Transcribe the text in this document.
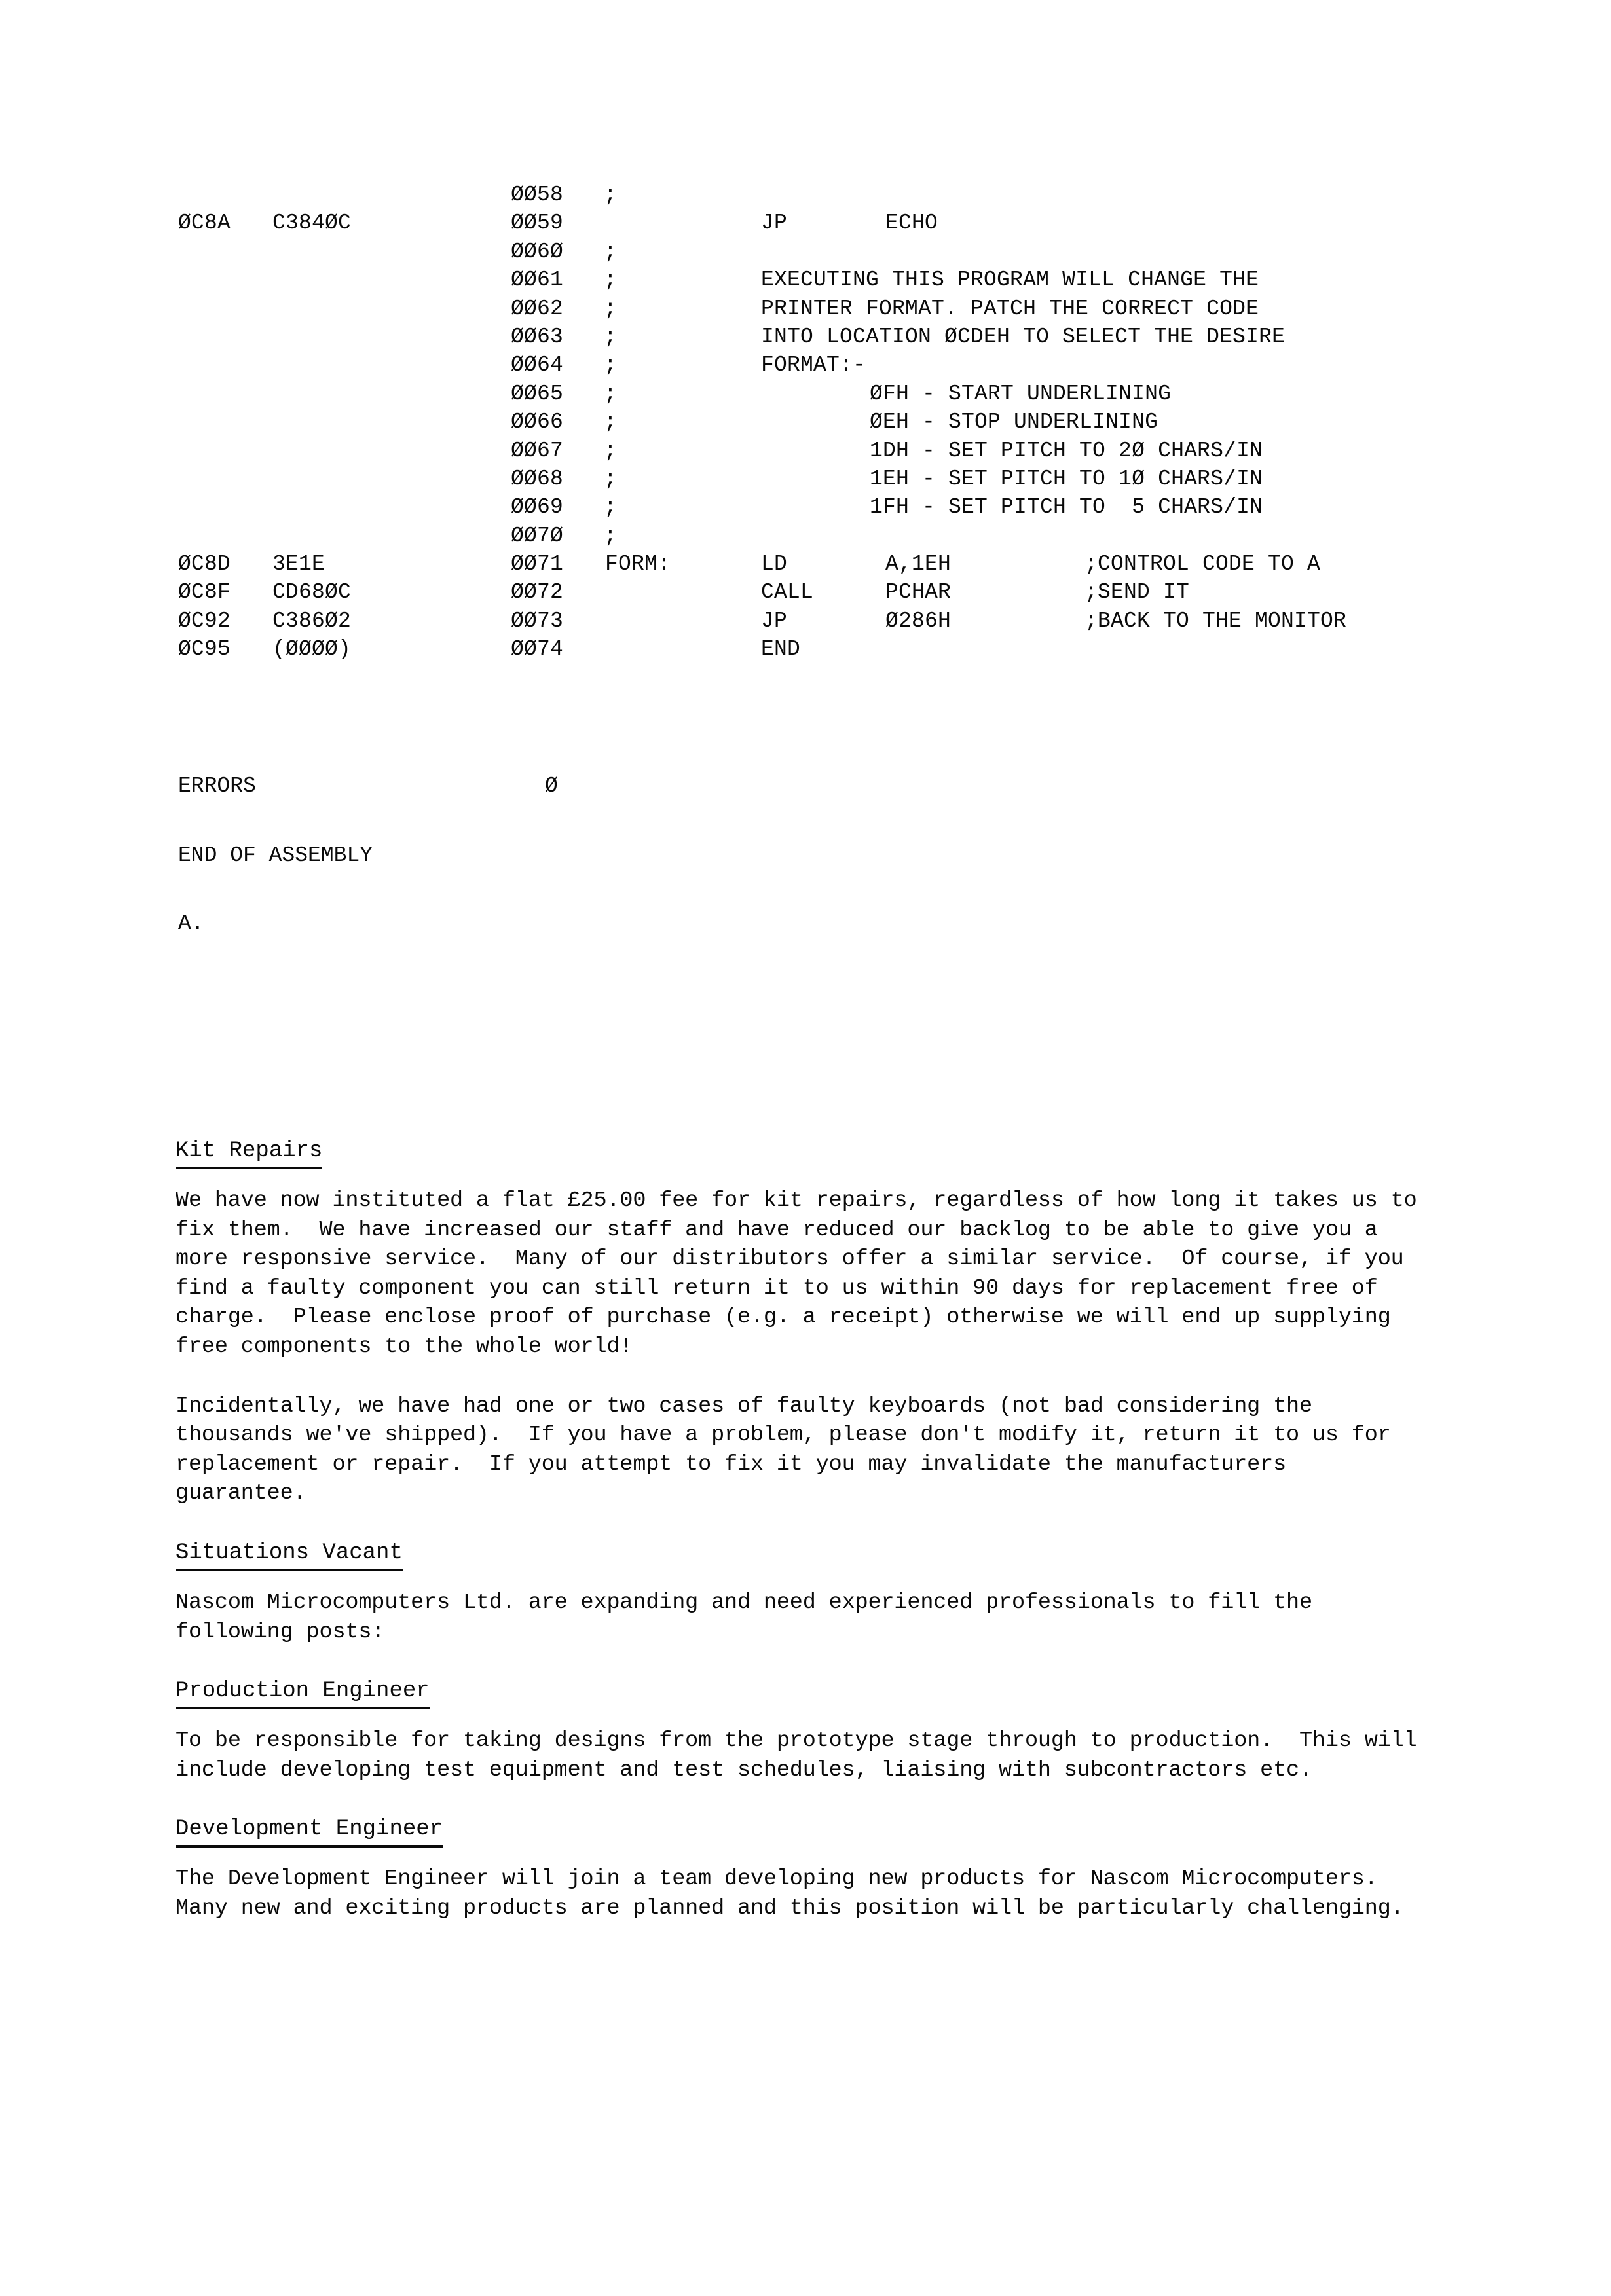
ØØ58 ;
ØC8A C384ØC	ØØ59	JP	ECHO
ØØ6Ø ;
ØØ61 ;	EXECUTING THIS PROGRAM WILL CHANGE THE
ØØ62 ;	PRINTER FORMAT. PATCH THE CORRECT CODE
ØØ63 ;	INTO LOCATION ØCDEH TO SELECT THE DESIRE
ØØ64 ;	FORMAT:-
ØØ65 ;	ØFH - START UNDERLINING
ØØ66 ;	ØEH - STOP UNDERLINING
ØØ67 ;	1DH - SET PITCH TO 2Ø CHARS/IN
ØØ68 ;	1EH - SET PITCH TO 1Ø CHARS/IN
ØØ69 ;	1FH - SET PITCH TO  5 CHARS/IN
ØØ7Ø ;
ØC8D 3E1E	ØØ71 FORM:	LD	A,1EH	;CONTROL CODE TO A
ØC8F CD68ØC	ØØ72	CALL	PCHAR	;SEND IT
ØC92 C386Ø2	ØØ73	JP	Ø286H	;BACK TO THE MONITOR
ØC95 (ØØØØ)	ØØ74	END

ERRORS

	Ø

END OF ASSEMBLY
A.
Kit Repairs

We have now instituted a flat £25.00 fee for kit repairs, regardless of how long it takes us to fix them.  We have increased our staff and have reduced our backlog to be able to give you a more responsive service.  Many of our distributors offer a similar service.  Of course, if you find a faulty component you can still return it to us within 90 days for replacement free of charge.  Please enclose proof of purchase (e.g. a receipt) otherwise we will end up supplying free components to the whole world!

Incidentally, we have had one or two cases of faulty keyboards (not bad considering the thousands we've shipped).  If you have a problem, please don't modify it, return it to us for replacement or repair.  If you attempt to fix it you may invalidate the manufacturers guarantee.

Situations Vacant

Nascom Microcomputers Ltd. are expanding and need experienced professionals to fill the following posts:

Production Engineer

To be responsible for taking designs from the prototype stage through to production.  This will include developing test equipment and test schedules, liaising with subcontractors etc.

Development Engineer

The Development Engineer will join a team developing new products for Nascom Microcomputers.  Many new and exciting products are planned and this position will be particularly challenging.
